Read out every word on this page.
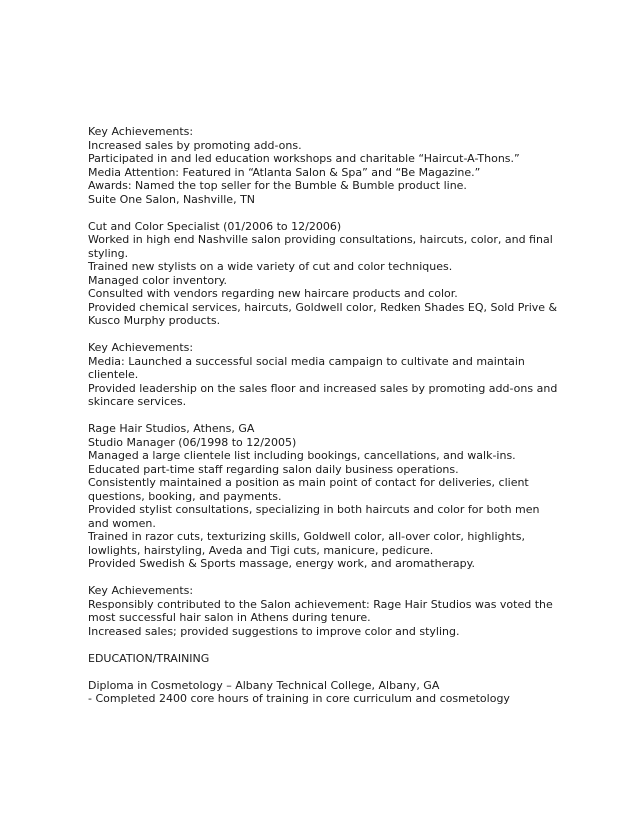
Key Achievements:
Increased sales by promoting add-ons.
Participated in and led education workshops and charitable “Haircut-A-Thons.”
Media Attention: Featured in “Atlanta Salon & Spa” and “Be Magazine.”
Awards: Named the top seller for the Bumble & Bumble product line.
Suite One Salon, Nashville, TN
Cut and Color Specialist (01/2006 to 12/2006)
Worked in high end Nashville salon providing consultations, haircuts, color, and final styling.
Trained new stylists on a wide variety of cut and color techniques.
Managed color inventory.
Consulted with vendors regarding new haircare products and color.
Provided chemical services, haircuts, Goldwell color, Redken Shades EQ, Sold Prive & Kusco Murphy products.
Key Achievements:
Media: Launched a successful social media campaign to cultivate and maintain clientele.
Provided leadership on the sales floor and increased sales by promoting add-ons and skincare services.
Rage Hair Studios, Athens, GA
Studio Manager (06/1998 to 12/2005)
Managed a large clientele list including bookings, cancellations, and walk-ins.
Educated part-time staff regarding salon daily business operations.
Consistently maintained a position as main point of contact for deliveries, client questions, booking, and payments.
Provided stylist consultations, specializing in both haircuts and color for both men and women.
Trained in razor cuts, texturizing skills, Goldwell color, all-over color, highlights, lowlights, hairstyling, Aveda and Tigi cuts, manicure, pedicure.
Provided Swedish & Sports massage, energy work, and aromatherapy.
Key Achievements:
Responsibly contributed to the Salon achievement: Rage Hair Studios was voted the most successful hair salon in Athens during tenure.
Increased sales; provided suggestions to improve color and styling.
EDUCATION/TRAINING
Diploma in Cosmetology – Albany Technical College, Albany, GA
- Completed 2400 core hours of training in core curriculum and cosmetology
